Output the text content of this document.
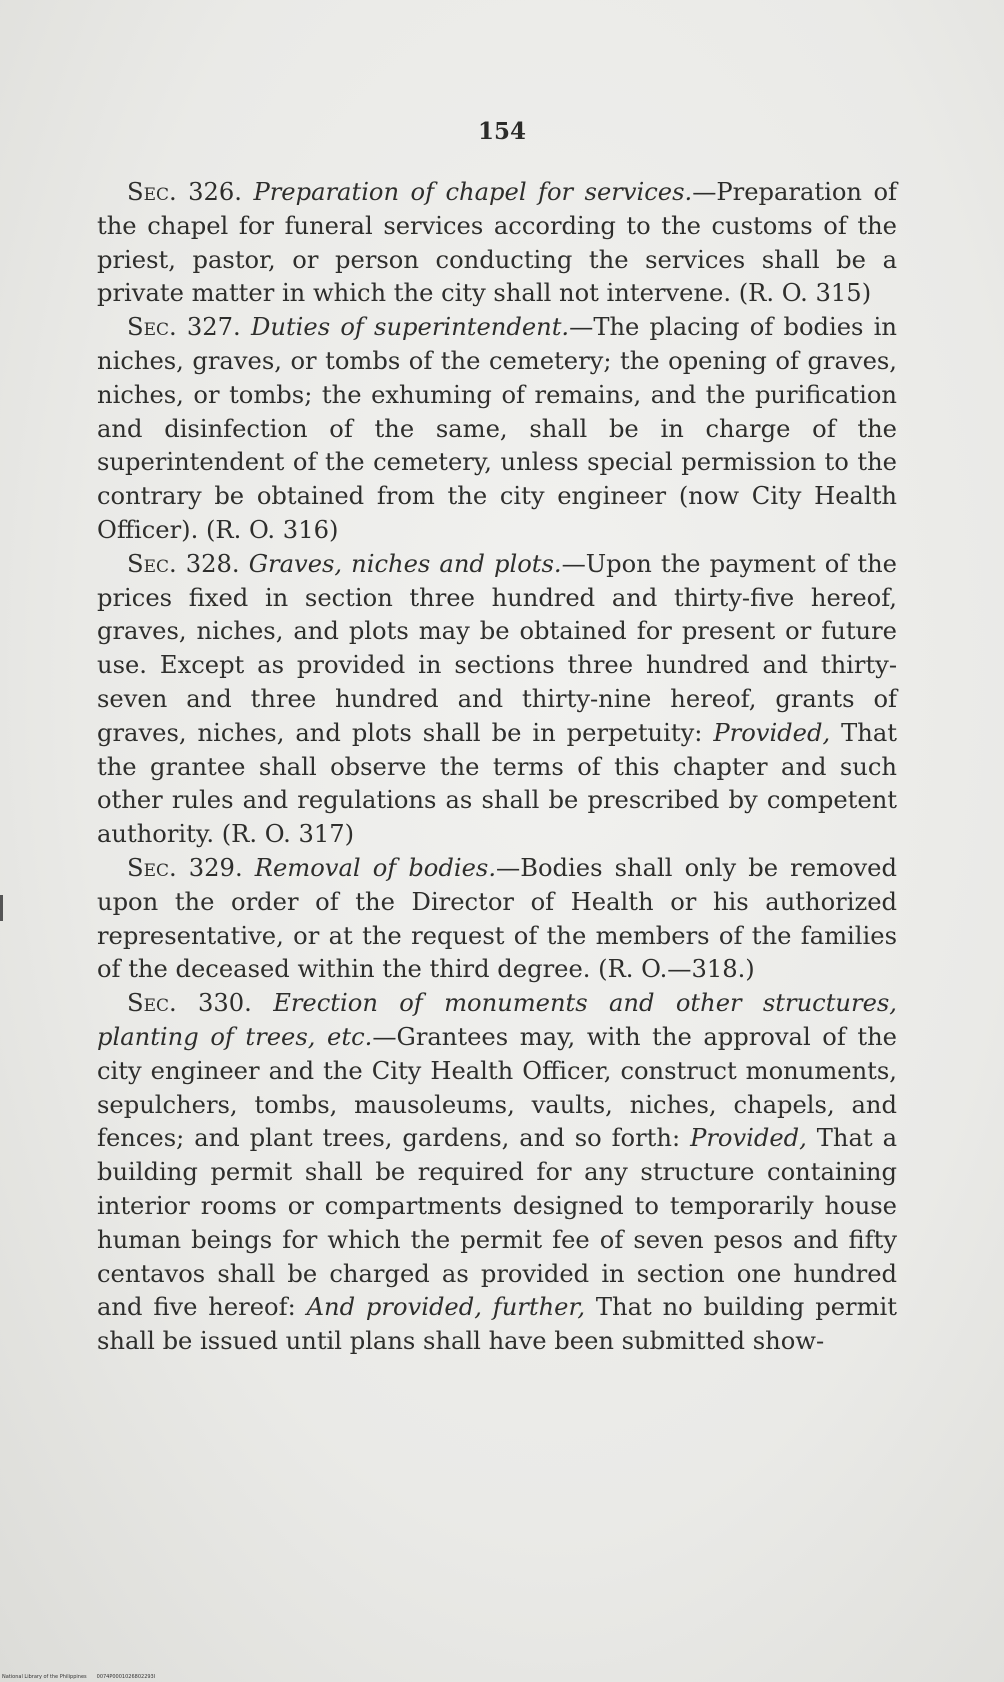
154

Sec. 326. Preparation of chapel for services.—Preparation of the chapel for funeral services according to the customs of the priest, pastor, or person conducting the services shall be a private matter in which the city shall not intervene. (R. O. 315)

Sec. 327. Duties of superintendent.—The placing of bodies in niches, graves, or tombs of the cemetery; the opening of graves, niches, or tombs; the exhuming of remains, and the purification and disinfection of the same, shall be in charge of the superintendent of the cemetery, unless special permission to the contrary be obtained from the city engineer (now City Health Officer). (R. O. 316)

Sec. 328. Graves, niches and plots.—Upon the payment of the prices fixed in section three hundred and thirty-five hereof, graves, niches, and plots may be obtained for present or future use. Except as provided in sections three hundred and thirty-seven and three hundred and thirty-nine hereof, grants of graves, niches, and plots shall be in perpetuity: Provided, That the grantee shall observe the terms of this chapter and such other rules and regulations as shall be prescribed by competent authority. (R. O. 317)

Sec. 329. Removal of bodies.—Bodies shall only be removed upon the order of the Director of Health or his authorized representative, or at the request of the members of the families of the deceased within the third degree. (R. O.—318.)

Sec. 330. Erection of monuments and other structures, planting of trees, etc.—Grantees may, with the approval of the city engineer and the City Health Officer, construct monuments, sepulchers, tombs, mausoleums, vaults, niches, chapels, and fences; and plant trees, gardens, and so forth: Provided, That a building permit shall be required for any structure containing interior rooms or compartments designed to temporarily house human beings for which the permit fee of seven pesos and fifty centavos shall be charged as provided in section one hundred and five hereof: And provided, further, That no building permit shall be issued until plans shall have been submitted show-

National Library of the Philippines 0074P0001026802293I
